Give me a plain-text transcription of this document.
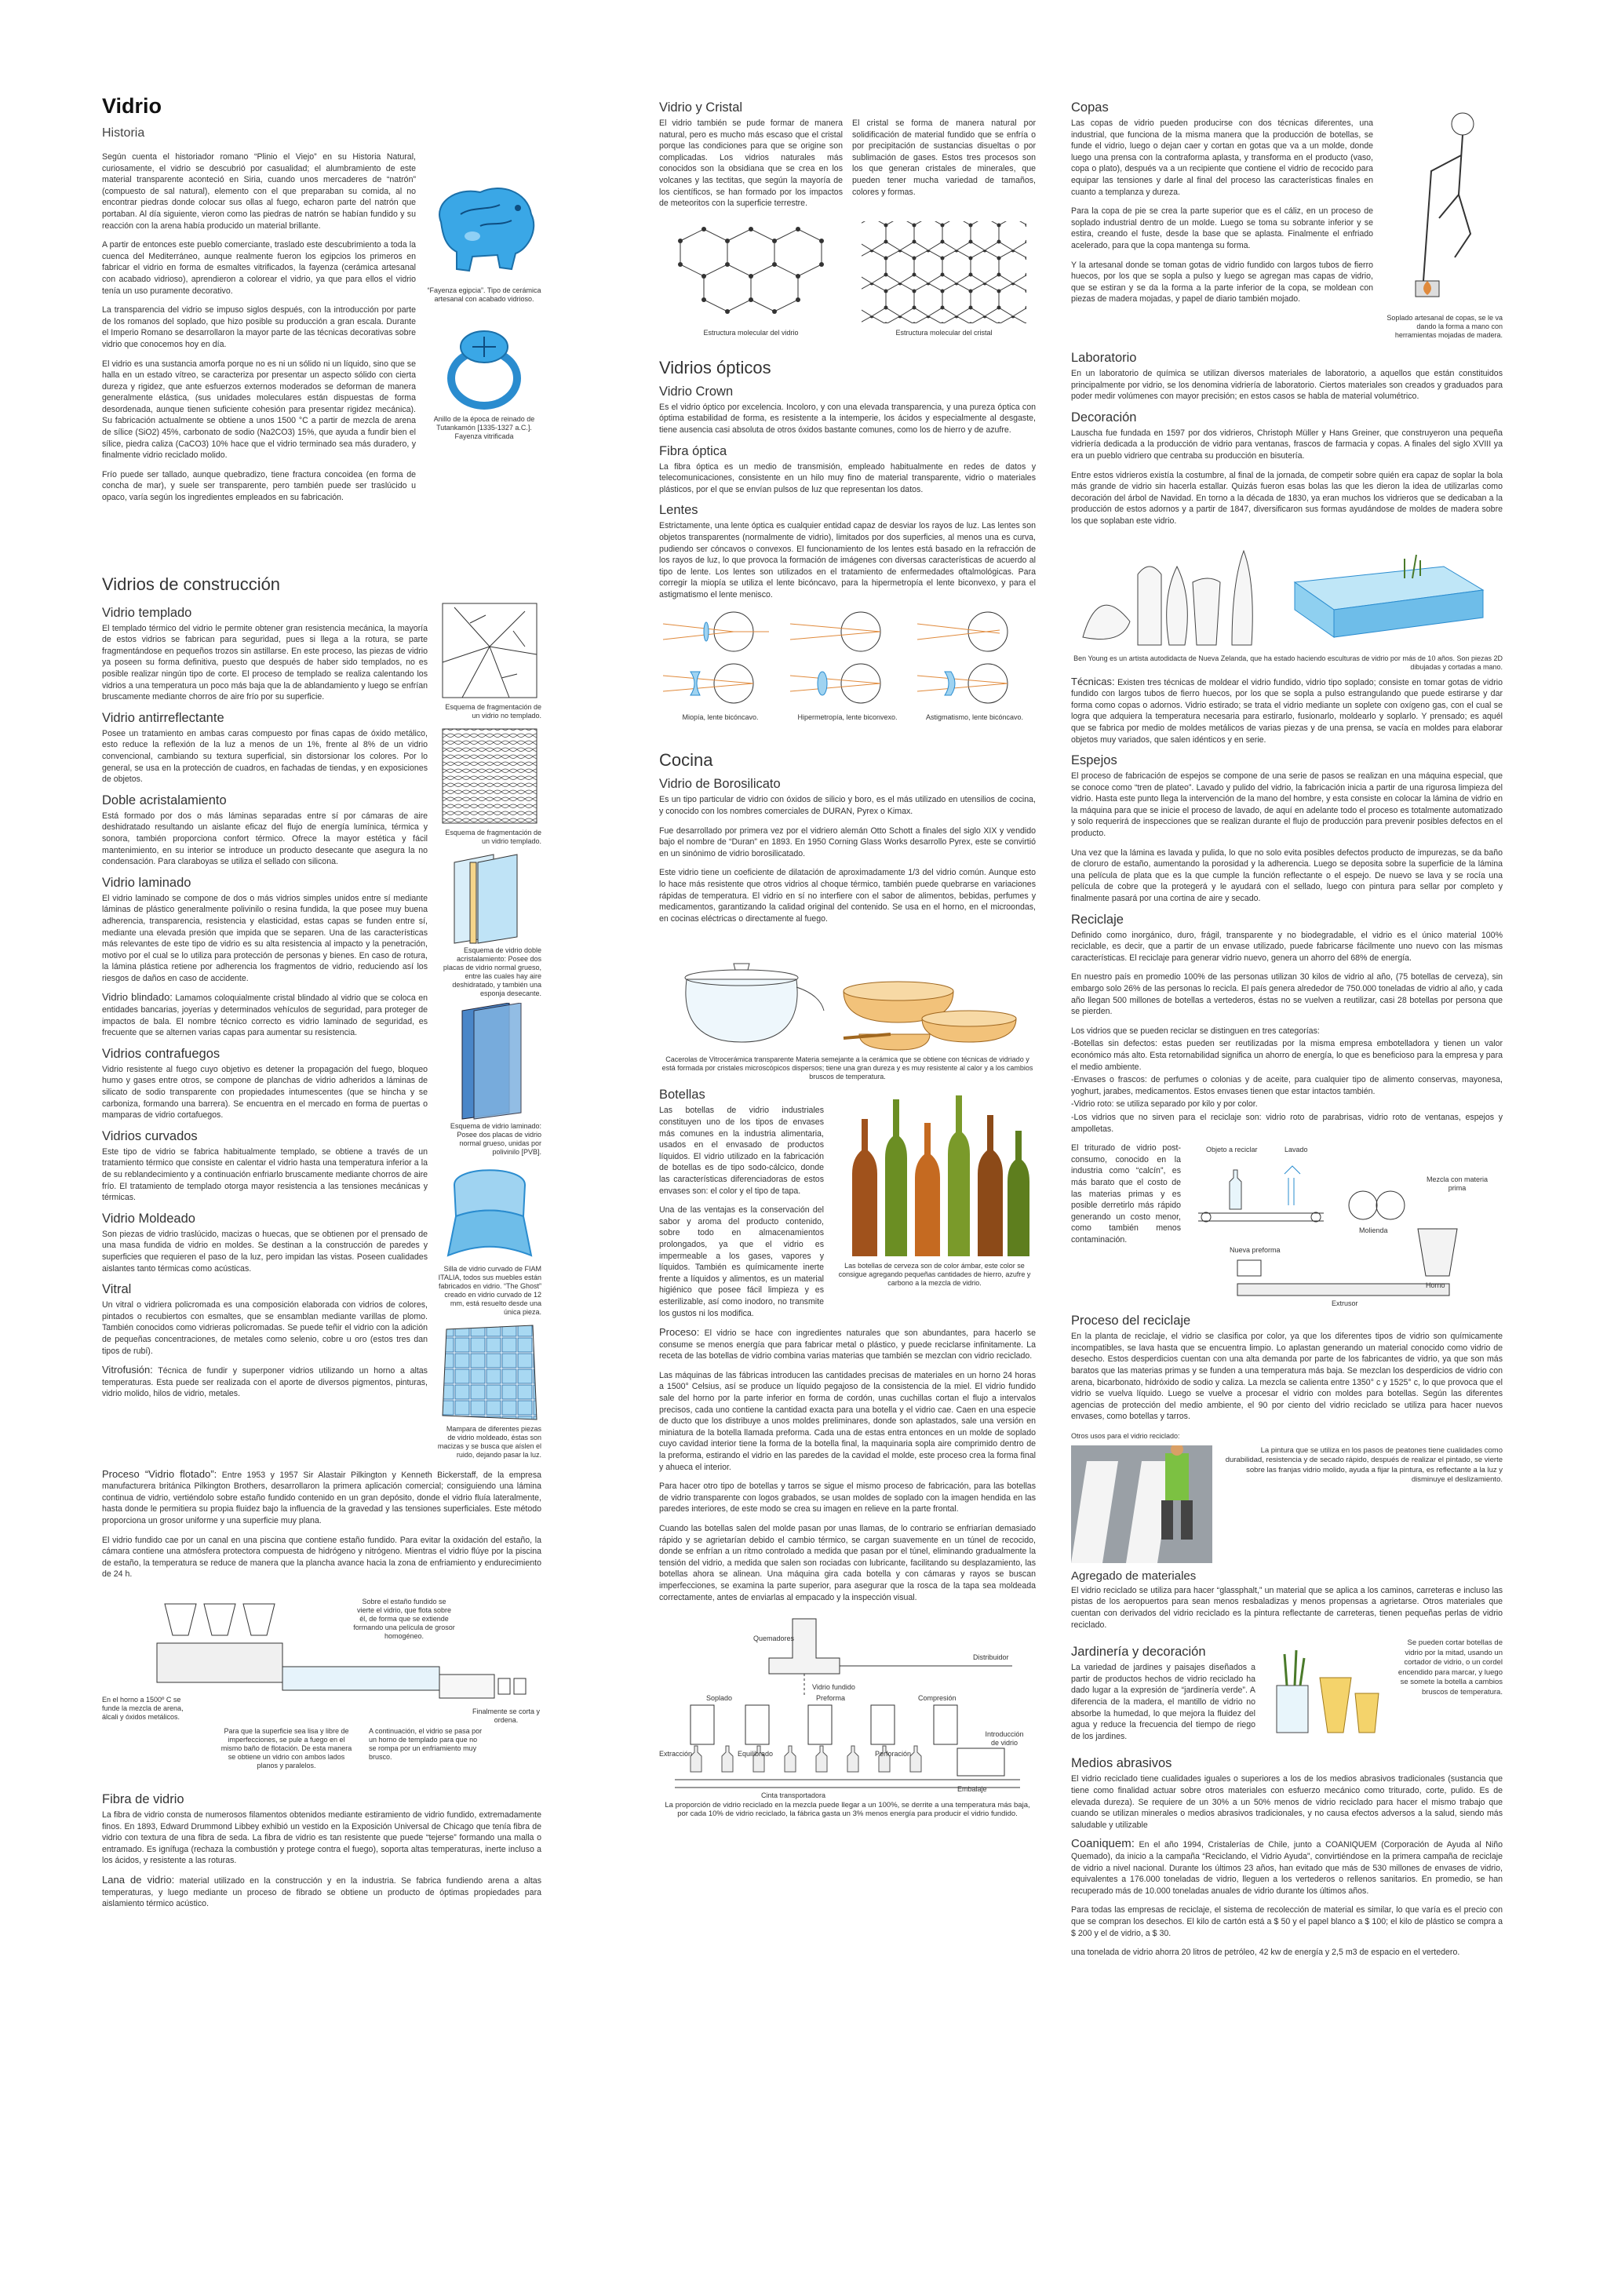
Vidrio
Historia

Según cuenta el historiador romano “Plinio el Viejo” en su Historia Natural, curiosamente, el vidrio se descubrió por casualidad; el alumbramiento de este material transparente aconteció en Siria, cuando unos mercaderes de “natrón” (compuesto de sal natural), elemento con el que preparaban su comida, al no encontrar piedras donde colocar sus ollas al fuego, echaron parte del natrón que portaban. Al día siguiente, vieron como las piedras de natrón se habían fundido y su reacción con la arena había producido un material brillante.

A partir de entonces este pueblo comerciante, traslado este descubrimiento a toda la cuenca del Mediterráneo, aunque realmente fueron los egipcios los primeros en fabricar el vidrio en forma de esmaltes vitrificados, la fayenza (cerámica artesanal con acabado vidrioso), aprendieron a colorear el vidrio, ya que para ellos el vidrio tenía un uso puramente decorativo.

La transparencia del vidrio se impuso siglos después, con la introducción por parte de los romanos del soplado, que hizo posible su producción a gran escala. Durante el Imperio Romano se desarrollaron la mayor parte de las técnicas decorativas sobre vidrio que conocemos hoy en día.

El vidrio es una sustancia amorfa porque no es ni un sólido ni un líquido, sino que se halla en un estado vítreo, se caracteriza por presentar un aspecto sólido con cierta dureza y rigidez, que ante esfuerzos externos moderados se deforman de manera generalmente elástica, (sus unidades moleculares están dispuestas de forma desordenada, aunque tienen suficiente cohesión para presentar rigidez mecánica). Su fabricación actualmente se obtiene a unos 1500 °C a partir de mezcla de arena de sílice (SiO2) 45%, carbonato de sodio (Na2CO3) 15%, que ayuda a fundir bien el sílice, piedra caliza (CaCO3) 10% hace que el vidrio terminado sea más duradero, y finalmente vidrio reciclado molido.

Frío puede ser tallado, aunque quebradizo, tiene fractura concoidea (en forma de concha de mar), y suele ser transparente, pero también puede ser traslúcido u opaco, varía según los ingredientes empleados en su fabricación.

“Fayenza egipcia”. Tipo de cerámica artesanal con acabado vidrioso.
Anillo de la época de reinado de Tutankamón [1335-1327 a.C.]. Fayenza vitrificada
Vidrios de construcción
Vidrio templado

El templado térmico del vidrio le permite obtener gran resistencia mecánica, la mayoría de estos vidrios se fabrican para seguridad, pues si llega a la rotura, se parte fragmentándose en pequeños trozos sin astillarse. En este proceso, las piezas de vidrio ya poseen su forma definitiva, puesto que después de haber sido templados, no es posible realizar ningún tipo de corte. El proceso de templado se realiza calentando los vidrios a una temperatura un poco más baja que la de ablandamiento y luego se enfrían bruscamente mediante chorros de aire frío por su superficie.

Vidrio antirreflectante

Posee un tratamiento en ambas caras compuesto por finas capas de óxido metálico, esto reduce la reflexión de la luz a menos de un 1%, frente al 8% de un vidrio convencional, cambiando su textura superficial, sin distorsionar los colores. Por lo general, se usa en la protección de cuadros, en fachadas de tiendas, y en exposiciones de objetos.

Doble acristalamiento

Está formado por dos o más láminas separadas entre sí por cámaras de aire deshidratado resultando un aislante eficaz del flujo de energía lumínica, térmica y sonora, también proporciona confort térmico. Ofrece la mayor estética y fácil mantenimiento, en su interior se introduce un producto desecante que asegura la no condensación. Para claraboyas se utiliza el sellado con silicona.

Vidrio laminado

El vidrio laminado se compone de dos o más vidrios simples unidos entre sí mediante láminas de plástico generalmente polivinilo o resina fundida, la que posee muy buena adherencia, transparencia, resistencia y elasticidad, estas capas se funden entre sí, mediante una elevada presión que impida que se separen. Una de las características más relevantes de este tipo de vidrio es su alta resistencia al impacto y la penetración, motivo por el cual se lo utiliza para protección de personas y bienes. En caso de rotura, la lámina plástica retiene por adherencia los fragmentos de vidrio, reduciendo así los riesgos de daños en caso de accidente.

Vidrio blindado: Lamamos coloquialmente cristal blindado al vidrio que se coloca en entidades bancarias, joyerías y determinados vehículos de seguridad, para proteger de impactos de bala. El nombre técnico correcto es vidrio laminado de seguridad, es frecuente que se alternen varias capas para aumentar su resistencia.

Vidrios contrafuegos

Vidrio resistente al fuego cuyo objetivo es detener la propagación del fuego, bloqueo humo y gases entre otros, se compone de planchas de vidrio adheridos a láminas de silicato de sodio transparente con propiedades intumescentes (que se hincha y se carboniza, formando una barrera). Se encuentra en el mercado en forma de puertas o mamparas de vidrio cortafuegos.

Vidrios curvados

Este tipo de vidrio se fabrica habitualmente templado, se obtiene a través de un tratamiento térmico que consiste en calentar el vidrio hasta una temperatura inferior a la de su reblandecimiento y a continuación enfriarlo bruscamente mediante chorros de aire frío. El tratamiento de templado otorga mayor resistencia a las tensiones mecánicas y térmicas.

Vidrio Moldeado

Son piezas de vidrio traslúcido, macizas o huecas, que se obtienen por el prensado de una masa fundida de vidrio en moldes. Se destinan a la construcción de paredes y superficies que requieren el paso de la luz, pero impidan las vistas. Poseen cualidades aislantes tanto térmicas como acústicas.

Vitral

Un vitral o vidriera policromada es una composición elaborada con vidrios de colores, pintados o recubiertos con esmaltes, que se ensamblan mediante varillas de plomo. También conocidos como vidrieras policromadas. Se puede teñir el vidrio con la adición de pequeñas concentraciones, de metales como selenio, cobre u oro (estos tres dan tipos de rubí).

Vitrofusión: Técnica de fundir y superponer vidrios utilizando un horno a altas temperaturas. Esta puede ser realizada con el aporte de diversos pigmentos, pinturas, vidrio molido, hilos de vidrio, metales.

Esquema de fragmentación de un vidrio no templado.
Esquema de fragmentación de un vidrio templado.
Esquema de vidrio doble acristalamiento: Posee dos placas de vidrio normal grueso, entre las cuales hay aire deshidratado, y también una esponja desecante.
Esquema de vidrio laminado: Posee dos placas de vidrio normal grueso, unidas por polivinilo [PVB].
Silla de vidrio curvado de FIAM ITALIA, todos sus muebles están fabricados en vidrio. “The Ghost” creado en vidrio curvado de 12 mm, está resuelto desde una única pieza.
Mampara de diferentes piezas de vidrio moldeado, éstas son macizas y se busca que aíslen el ruido, dejando pasar la luz.

Proceso “Vidrio flotado”: Entre 1953 y 1957 Sir Alastair Pilkington y Kenneth Bickerstaff, de la empresa manufacturera británica Pilkington Brothers, desarrollaron la primera aplicación comercial; consiguiendo una lámina continua de vidrio, vertiéndolo sobre estaño fundido contenido en un gran depósito, donde el vidrio fluía lateralmente, hasta donde le permitiera su propia fluidez bajo la influencia de la gravedad y las tensiones superficiales. Este método proporciona un grosor uniforme y una superficie muy plana.

El vidrio fundido cae por un canal en una piscina que contiene estaño fundido. Para evitar la oxidación del estaño, la cámara contiene una atmósfera protectora compuesta de hidrógeno y nitrógeno. Mientras el vidrio flúye por la piscina de estaño, la temperatura se reduce de manera que la plancha avance hacia la zona de enfriamiento y endurecimiento de 24 h.

Sobre el estaño fundido se vierte el vidrio, que flota sobre él, de forma que se extiende formando una película de grosor homogéneo.
En el horno a 1500º C se funde la mezcla de arena, álcali y óxidos metálicos.
Finalmente se corta y ordena.
Para que la superficie sea lisa y libre de imperfecciones, se pule a fuego en el mismo baño de flotación. De esta manera se obtiene un vidrio con ambos lados planos y paralelos.
A continuación, el vidrio se pasa por un horno de templado para que no se rompa por un enfriamiento muy brusco.
Fibra de vidrio

La fibra de vidrio consta de numerosos filamentos obtenidos mediante estiramiento de vidrio fundido, extremadamente finos. En 1893, Edward Drummond Libbey exhibió un vestido en la Exposición Universal de Chicago que tenía fibra de vidrio con textura de una fibra de seda. La fibra de vidrio es tan resistente que puede “tejerse” formando una malla o entramado. Es ignífuga (rechaza la combustión y protege contra el fuego), soporta altas temperaturas, inerte incluso a los ácidos, y resistente a las roturas.

Lana de vidrio: material utilizado en la construcción y en la industria. Se fabrica fundiendo arena a altas temperaturas, y luego mediante un proceso de fibrado se obtiene un producto de óptimas propiedades para aislamiento térmico acústico.

Vidrio y Cristal

El vidrio también se pude formar de manera natural, pero es mucho más escaso que el cristal porque las condiciones para que se origine son complicadas. Los vidrios naturales más conocidos son la obsidiana que se crea en los volcanes y las tectitas, que según la mayoría de los científicos, se han formado por los impactos de meteoritos con la superficie terrestre.

El cristal se forma de manera natural por solidificación de material fundido que se enfría o por precipitación de sustancias disueltas o por sublimación de gases. Estos tres procesos son los que generan cristales de minerales, que pueden tener mucha variedad de tamaños, colores y formas.

Estructura molecular del vidrio	Estructura molecular del cristal
Vidrios ópticos
Vidrio Crown

Es el vidrio óptico por excelencia. Incoloro, y con una elevada transparencia, y una pureza óptica con óptima estabilidad de forma, es resistente a la intemperie, los ácidos y especialmente al desgaste, tiene ausencia casi absoluta de otros óxidos bastante comunes, como los de hierro y de azufre.

Fibra óptica

La fibra óptica es un medio de transmisión, empleado habitualmente en redes de datos y telecomunicaciones, consistente en un hilo muy fino de material transparente, vidrio o materiales plásticos, por el que se envían pulsos de luz que representan los datos.

Lentes

Estrictamente, una lente óptica es cualquier entidad capaz de desviar los rayos de luz. Las lentes son objetos transparentes (normalmente de vidrio), limitados por dos superficies, al menos una es curva, pudiendo ser cóncavos o convexos. El funcionamiento de los lentes está basado en la refracción de los rayos de luz, lo que provoca la formación de imágenes con diversas características de acuerdo al tipo de lente. Los lentes son utilizados en el tratamiento de enfermedades oftalmológicas. Para corregir la miopía se utiliza el lente bicóncavo, para la hipermetropía el lente biconvexo, y para el astigmatismo el lente menisco.

Miopía, lente bicóncavo.	Hipermetropía, lente biconvexo.	Astigmatismo, lente bicóncavo.
Cocina
Vidrio de Borosilicato

Es un tipo particular de vidrio con óxidos de silicio y boro, es el más utilizado en utensilios de cocina, y conocido con los nombres comerciales de DURAN, Pyrex o Kimax.

Fue desarrollado por primera vez por el vidriero alemán Otto Schott a finales del siglo XIX y vendido bajo el nombre de “Duran” en 1893. En 1950 Corning Glass Works desarrollo Pyrex, este se convirtió en un sinónimo de vidrio borosilicatado.

Este vidrio tiene un coeficiente de dilatación de aproximadamente 1/3 del vidrio común. Aunque esto lo hace más resistente que otros vidrios al choque térmico, también puede quebrarse en variaciones rápidas de temperatura. El vidrio en sí no interfiere con el sabor de alimentos, bebidas, perfumes y medicamentos, garantizando la calidad original del contenido. Se usa en el horno, en el microondas, en cocinas eléctricas o directamente al fuego.

Cacerolas de Vitrocerámica transparente Materia semejante a la cerámica que se obtiene con técnicas de vidriado y está formada por cristales microscópicos dispersos; tiene una gran dureza y es muy resistente al calor y a los cambios bruscos de temperatura.
Botellas

Las botellas de vidrio industriales constituyen uno de los tipos de envases más comunes en la industria alimentaria, usados en el envasado de productos líquidos. El vidrio utilizado en la fabricación de botellas es de tipo sodo-cálcico, donde las características diferenciadoras de estos envases son: el color y el tipo de tapa.

Una de las ventajas es la conservación del sabor y aroma del producto contenido, sobre todo en almacenamientos prolongados, ya que el vidrio es impermeable a los gases, vapores y líquidos. También es químicamente inerte frente a líquidos y alimentos, es un material higiénico que posee fácil limpieza y es esterilizable, así como inodoro, no transmite los gustos ni los modifica.

Las botellas de cerveza son de color ámbar, este color se consigue agregando pequeñas cantidades de hierro, azufre y carbono a la mezcla de vidrio.

Proceso: El vidrio se hace con ingredientes naturales que son abundantes, para hacerlo se consume se menos energía que para fabricar metal o plástico, y puede reciclarse infinitamente. La receta de las botellas de vidrio combina varias materias que también se mezclan con vidrio reciclado.

Las máquinas de las fábricas introducen las cantidades precisas de materiales en un horno 24 horas a 1500° Celsius, así se produce un líquido pegajoso de la consistencia de la miel. El vidrio fundido sale del horno por la parte inferior en forma de cordón, unas cuchillas cortan el flujo a intervalos precisos, cada uno contiene la cantidad exacta para una botella y el vidrio cae. Caen en una especie de ducto que los distribuye a unos moldes preliminares, donde son aplastados, sale una versión en miniatura de la botella llamada preforma. Cada una de estas entra entonces en un molde de soplado cuyo cavidad interior tiene la forma de la botella final, la maquinaria sopla aire comprimido dentro de la preforma, estirando el vidrio en las paredes de la cavidad el molde, este proceso crea la forma final y ahueca el interior.

Para hacer otro tipo de botellas y tarros se sigue el mismo proceso de fabricación, para las botellas de vidrio transparente con logos grabados, se usan moldes de soplado con la imagen hendida en las paredes interiores, de este modo se crea su imagen en relieve en la parte frontal.

Cuando las botellas salen del molde pasan por unas llamas, de lo contrario se enfriarían demasiado rápido y se agrietarían debido el cambio térmico, se cargan suavemente en un túnel de recocido, donde se enfrían a un ritmo controlado a medida que pasan por el túnel, eliminando gradualmente la tensión del vidrio, a medida que salen son rociadas con lubricante, facilitando su desplazamiento, las botellas ahora se alinean. Una máquina gira cada botella y con cámaras y rayos se buscan imperfecciones, se examina la parte superior, para asegurar que la rosca de la tapa sea moldeada correctamente, antes de enviarlas al empacado y la inspección visual.

Quemadores
Distribuidor
Vidrio fundido
Soplado	Preforma	Compresión
Extracción	Equilibrado	Perforación
Introducción de vidrio
Cinta transportadora
Embalaje
La proporción de vidrio reciclado en la mezcla puede llegar a un 100%, se derrite a una temperatura más baja, por cada 10% de vidrio reciclado, la fábrica gasta un 3% menos energía para producir el vidrio fundido.
Copas

Las copas de vidrio pueden producirse con dos técnicas diferentes, una industrial, que funciona de la misma manera que la producción de botellas, se funde el vidrio, luego o dejan caer y cortan en gotas que va a un molde, donde luego una prensa con la contraforma aplasta, y transforma en el producto (vaso, copa o plato), después va a un recipiente que contiene el vidrio de recocido para equipar las tensiones y darle al final del proceso las características finales en cuanto a templanza y dureza.

Para la copa de pie se crea la parte superior que es el cáliz, en un proceso de soplado industrial dentro de un molde. Luego se toma su sobrante inferior y se estira, creando el fuste, desde la base que se aplasta. Finalmente el enfriado acelerado, para que la copa mantenga su forma.

Y la artesanal donde se toman gotas de vidrio fundido con largos tubos de fierro huecos, por los que se sopla a pulso y luego se agregan mas capas de vidrio, que se estiran y se da la forma a la parte inferior de la copa, se moldean con piezas de madera mojadas, y papel de diario también mojado.

Soplado artesanal de copas, se le va dando la forma a mano con herramientas mojadas de madera.
Laboratorio

En un laboratorio de química se utilizan diversos materiales de laboratorio, a aquellos que están constituidos principalmente por vidrio, se los denomina vidriería de laboratorio. Ciertos materiales son creados y graduados para poder medir volúmenes con mayor precisión; en estos casos se habla de material volumétrico.

Decoración

Lauscha fue fundada en 1597 por dos vidrieros, Christoph Müller y Hans Greiner, que construyeron una pequeña vidriería dedicada a la producción de vidrio para ventanas, frascos de farmacia y copas. A finales del siglo XVIII ya era un pueblo vidriero que centraba su producción en bisutería.

Entre estos vidrieros existía la costumbre, al final de la jornada, de competir sobre quién era capaz de soplar la bola más grande de vidrio sin hacerla estallar. Quizás fueron esas bolas las que les dieron la idea de utilizarlas como decoración del árbol de Navidad. En torno a la década de 1830, ya eran muchos los vidrieros que se dedicaban a la producción de estos adornos y a partir de 1847, diversificaron sus formas ayudándose de moldes de madera sobre los que soplaban este vidrio.

Ben Young es un artista autodidacta de Nueva Zelanda, que ha estado haciendo esculturas de vidrio por más de 10 años. Son piezas 2D dibujadas y cortadas a mano.

Técnicas: Existen tres técnicas de moldear el vidrio fundido, vidrio tipo soplado; consiste en tomar gotas de vidrio fundido con largos tubos de fierro huecos, por los que se sopla a pulso estrangulando que puede estirarse y dar forma como copas o adornos. Vidrio estirado; se trata el vidrio mediante un soplete con oxígeno gas, con el cual se logra que adquiera la temperatura necesaria para estirarlo, fusionarlo, moldearlo y soplarlo. Y prensado; es aquél que se fabrica por medio de moldes metálicos de varias piezas y de una prensa, se vacía en moldes para elaborar objetos muy variados, que salen idénticos y en serie.

Espejos

El proceso de fabricación de espejos se compone de una serie de pasos se realizan en una máquina especial, que se conoce como “tren de plateo”. Lavado y pulido del vidrio, la fabricación inicia a partir de una rigurosa limpieza del vidrio. Hasta este punto llega la intervención de la mano del hombre, y esta consiste en colocar la lámina de vidrio en la máquina para que se inicie el proceso de lavado, de aquí en adelante todo el proceso es totalmente automatizado y solo requerirá de inspecciones que se realizan durante el flujo de producción para prevenir posibles defectos en el producto.

Una vez que la lámina es lavada y pulida, lo que no solo evita posibles defectos producto de impurezas, se da baño de cloruro de estaño, aumentando la porosidad y la adherencia. Luego se deposita sobre la superficie de la lámina una película de plata que es la que cumple la función reflectante o el espejo. De nuevo se lava y se rocía una película de cobre que la protegerá y le ayudará con el sellado, luego con pintura para sellar por completo y finalmente pasará por una cortina de aire y secado.

Reciclaje

Definido como inorgánico, duro, frágil, transparente y no biodegradable, el vidrio es el único material 100% reciclable, es decir, que a partir de un envase utilizado, puede fabricarse fácilmente uno nuevo con las mismas características. El reciclaje para generar vidrio nuevo, genera un ahorro del 68% de energía.

En nuestro país en promedio 100% de las personas utilizan 30 kilos de vidrio al año, (75 botellas de cerveza), sin embargo solo 26% de las personas lo recicla. El país genera alrededor de 750.000 toneladas de vidrio al año, y cada año llegan 500 millones de botellas a vertederos, éstas no se vuelven a reutilizar, casi 28 botellas por persona que se pierden.

Los vidrios que se pueden reciclar se distinguen en tres categorías:

-Botellas sin defectos: estas pueden ser reutilizadas por la misma empresa embotelladora y tienen un valor económico más alto. Esta retornabilidad significa un ahorro de energía, lo que es beneficioso para la empresa y para el medio ambiente.

-Envases o frascos: de perfumes o colonias y de aceite, para cualquier tipo de alimento conservas, mayonesa, yoghurt, jarabes, medicamentos. Estos envases tienen que estar intactos también.

-Vidrio roto: se utiliza separado por kilo y por color.

-Los vidrios que no sirven para el reciclaje son: vidrio roto de parabrisas, vidrio roto de ventanas, espejos y ampolletas.

El triturado de vidrio post-consumo, conocido en la industria como “calcín”, es más barato que el costo de las materias primas y es posible derretirlo más rápido generando un costo menor, como también menos contaminación.

Objeto a reciclar	Lavado
Molienda
Mezcla con materia prima
Nueva preforma
Extrusor
Horno
Proceso del reciclaje

En la planta de reciclaje, el vidrio se clasifica por color, ya que los diferentes tipos de vidrio son químicamente incompatibles, se lava hasta que se encuentra limpio. Lo aplastan generando un material conocido como vidrio de desecho. Estos desperdicios cuentan con una alta demanda por parte de los fabricantes de vidrio, ya que son más baratos que las materias primas y se funden a una temperatura más baja. Se mezclan los desperdicios de vidrio con arena, bicarbonato, hidróxido de sodio y caliza. La mezcla se calienta entre 1350° c y 1525° c, lo que provoca que el vidrio se vuelva líquido. Luego se vuelve a procesar el vidrio con moldes para botellas. Según las diferentes agencias de protección del medio ambiente, el 90 por ciento del vidrio reciclado se utiliza para hacer nuevos envases, como botellas y tarros.

Otros usos para el vidrio reciclado:
Agregado de materiales

La pintura que se utiliza en los pasos de peatones tiene cualidades como durabilidad, resistencia y de secado rápido, después de realizar el pintado, se vierte sobre las franjas vidrio molido, ayuda a fijar la pintura, es reflectante a la luz y disminuye el deslizamiento.

El vidrio reciclado se utiliza para hacer “glassphalt,” un material que se aplica a los caminos, carreteras e incluso las pistas de los aeropuertos para sean menos resbaladizas y menos propensas a agrietarse. Otros materiales que cuentan con derivados del vidrio reciclado es la pintura reflectante de carreteras, tienen pequeñas perlas de vidrio reciclado.

Jardinería y decoración

La variedad de jardines y paisajes diseñados a partir de productos hechos de vidrio reciclado ha dado lugar a la expresión de “jardinería verde”. A diferencia de la madera, el mantillo de vidrio no absorbe la humedad, lo que mejora la fluidez del agua y reduce la frecuencia del tiempo de riego de los jardines.

Se pueden cortar botellas de vidrio por la mitad, usando un cortador de vidrio, o un cordel encendido para marcar, y luego se somete la botella a cambios bruscos de temperatura.

Medios abrasivos

El vidrio reciclado tiene cualidades iguales o superiores a los de los medios abrasivos tradicionales (sustancia que tiene como finalidad actuar sobre otros materiales con esfuerzo mecánico como triturado, corte, pulido. Es de elevada dureza). Se requiere de un 30% a un 50% menos de vidrio reciclado para hacer el mismo trabajo que cuando se utilizan minerales o medios abrasivos tradicionales, y no causa efectos adversos a la salud, siendo más saludable y utilizable

Coaniquem: En el año 1994, Cristalerías de Chile, junto a COANIQUEM (Corporación de Ayuda al Niño Quemado), da inicio a la campaña “Reciclando, el Vidrio Ayuda”, convirtiéndose en la primera campaña de reciclaje de vidrio a nivel nacional. Durante los últimos 23 años, han evitado que más de 530 millones de envases de vidrio, equivalentes a 176.000 toneladas de vidrio, lleguen a los vertederos o rellenos sanitarios. En promedio, se han recuperado más de 10.000 toneladas anuales de vidrio durante los últimos años.

Para todas las empresas de reciclaje, el sistema de recolección de material es similar, lo que varía es el precio con que se compran los desechos. El kilo de cartón está a $ 50 y el papel blanco a $ 100; el kilo de plástico se compra a $ 200 y el de vidrio, a $ 30.

una tonelada de vidrio ahorra 20 litros de petróleo, 42 kw de energía y 2,5 m3 de espacio en el vertedero.
